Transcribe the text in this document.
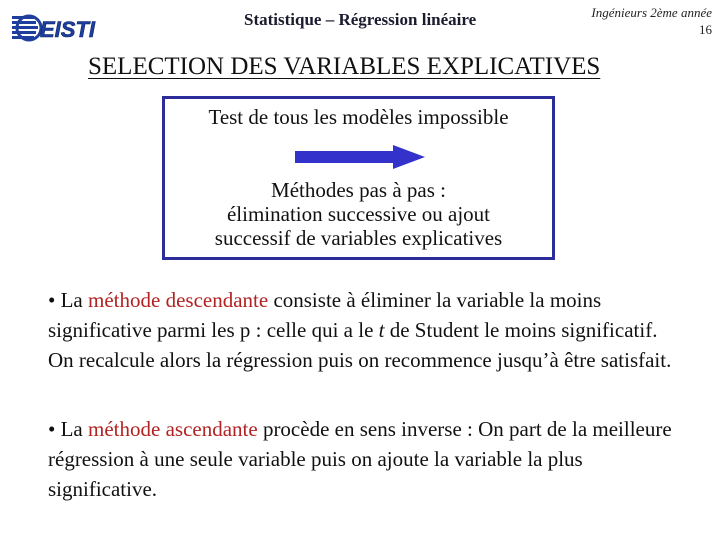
EISTI	Statistique – Régression linéaire	Ingénieurs 2ème année
16
SELECTION DES VARIABLES EXPLICATIVES
Test de tous les modèles impossible
Méthodes pas à pas :
élimination successive ou ajout
successif de variables explicatives
• La méthode descendante consiste à éliminer la variable la moins significative parmi les p : celle qui a le t de Student le moins significatif. On recalcule alors la régression puis on recommence jusqu’à être satisfait.
• La méthode ascendante procède en sens inverse : On part de la meilleure régression à une seule variable puis on ajoute la variable la plus significative.
